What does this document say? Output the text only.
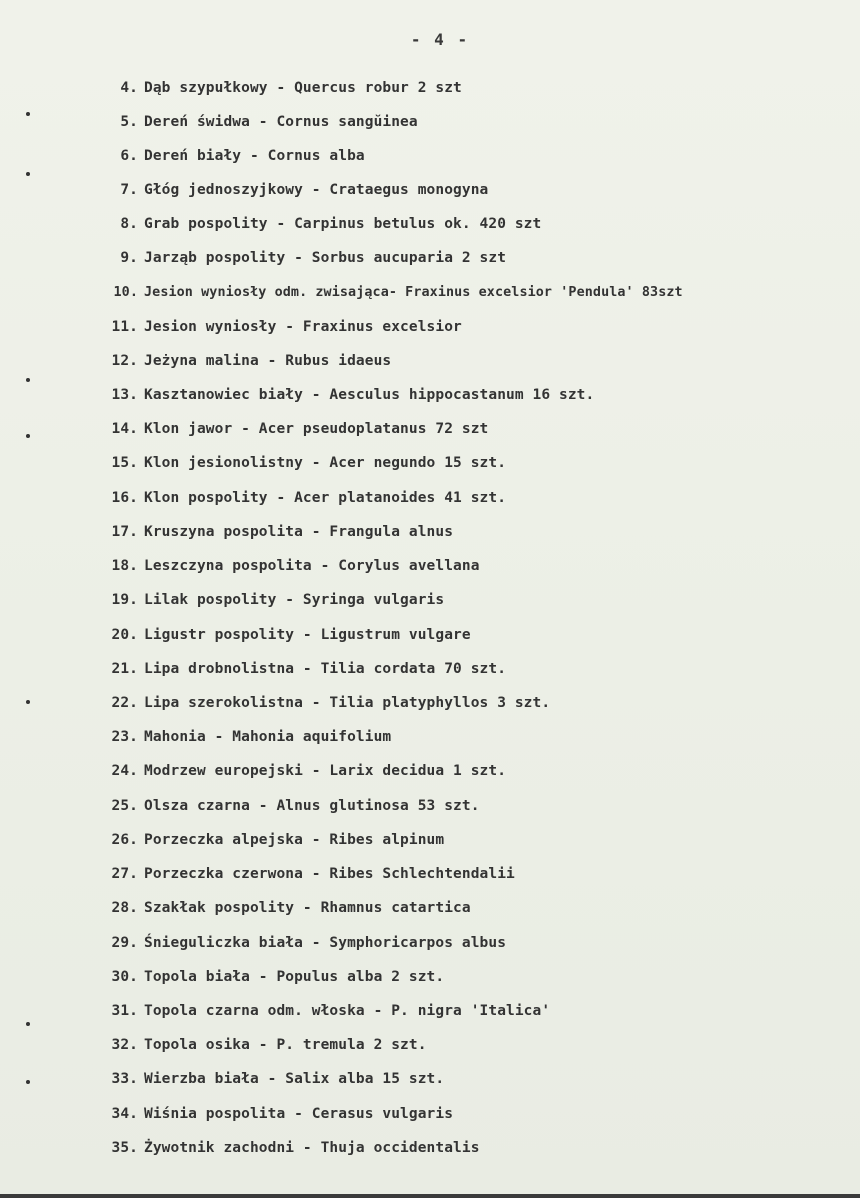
- 4 -
4. Dąb szypułkowy - Quercus robur 2 szt
5. Dereń świdwa - Cornus sangŭinea
6. Dereń biały - Cornus alba
7. Głóg jednoszyjkowy - Crataegus monogyna
8. Grab pospolity - Carpinus betulus ok. 420 szt
9. Jarząb pospolity - Sorbus aucuparia 2 szt
10. Jesion wyniosły odm. zwisająca- Fraxinus excelsior 'Pendula' 83szt
11. Jesion wyniosły - Fraxinus excelsior
12. Jeżyna malina - Rubus idaeus
13. Kasztanowiec biały - Aesculus hippocastanum 16 szt.
14. Klon jawor - Acer pseudoplatanus 72 szt
15. Klon jesionolistny - Acer negundo 15 szt.
16. Klon pospolity - Acer platanoides 41 szt.
17. Kruszyna pospolita - Frangula alnus
18. Leszczyna pospolita - Corylus avellana
19. Lilak pospolity - Syringa vulgaris
20. Ligustr pospolity - Ligustrum vulgare
21. Lipa drobnolistna - Tilia cordata 70 szt.
22. Lipa szerokolistna - Tilia platyphyllos 3 szt.
23. Mahonia - Mahonia aquifolium
24. Modrzew europejski - Larix decidua 1 szt.
25. Olsza czarna - Alnus glutinosa 53 szt.
26. Porzeczka alpejska - Ribes alpinum
27. Porzeczka czerwona - Ribes Schlechtendalii
28. Szakłak pospolity - Rhamnus catartica
29. Śnieguliczka biała - Symphoricarpos albus
30. Topola biała - Populus alba 2 szt.
31. Topola czarna odm. włoska - P. nigra 'Italica'
32. Topola osika - P. tremula 2 szt.
33. Wierzba biała - Salix alba 15 szt.
34. Wiśnia pospolita - Cerasus vulgaris
35. Żywotnik zachodni - Thuja occidentalis
